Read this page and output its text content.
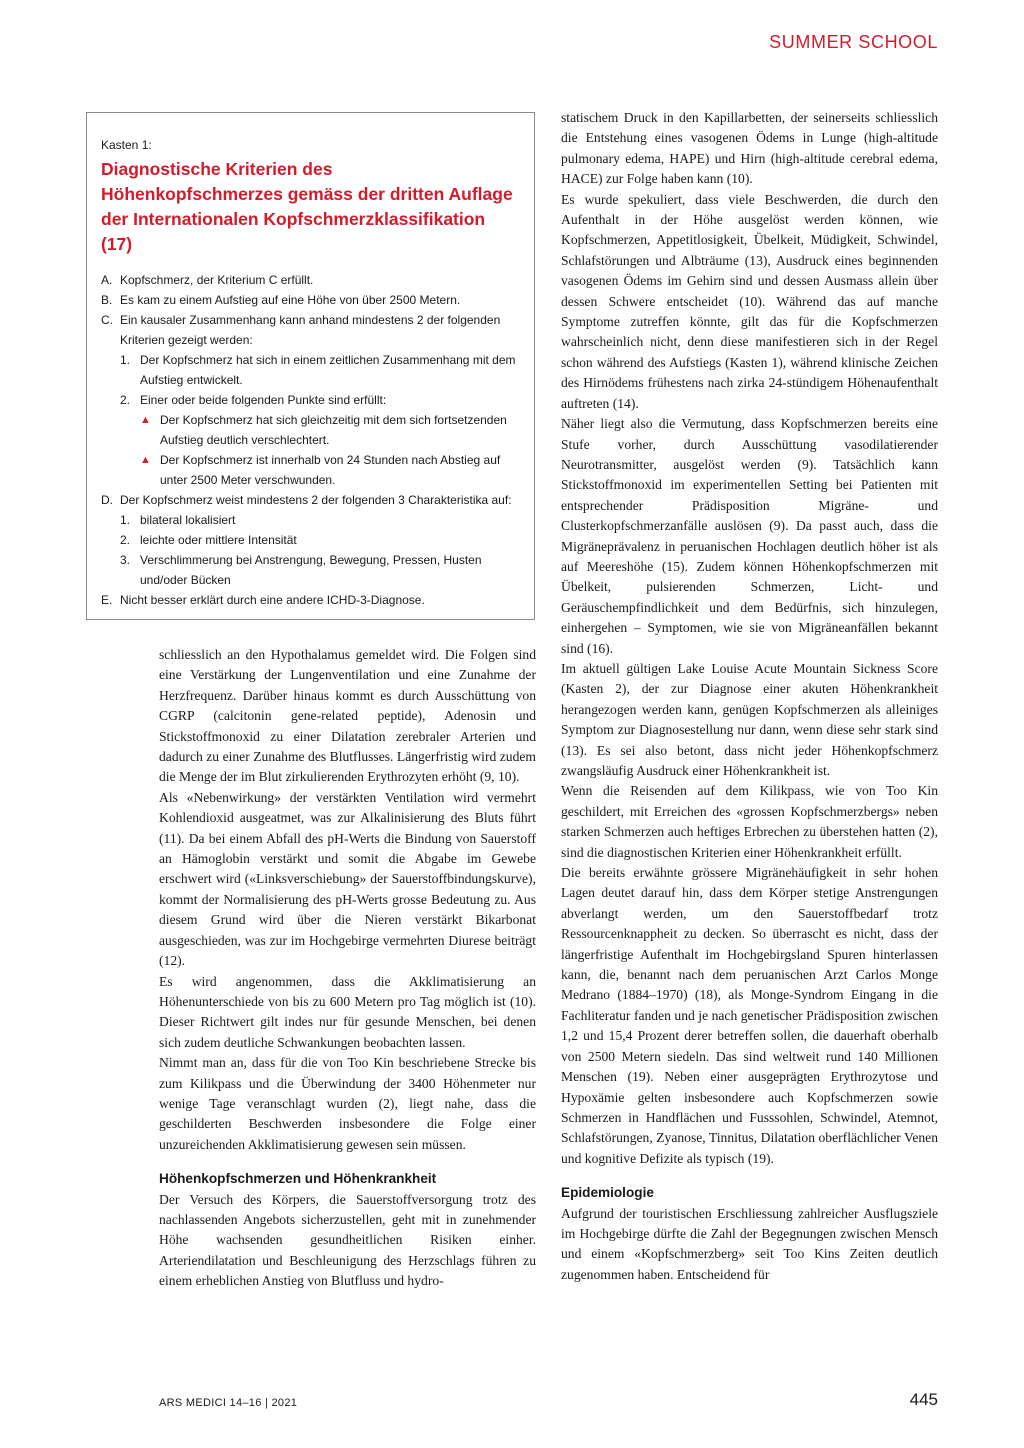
SUMMER SCHOOL
Kasten 1:
Diagnostische Kriterien des Höhenkopfschmerzes gemäss der dritten Auflage der Internationalen Kopfschmerzklassifikation (17)
A. Kopfschmerz, der Kriterium C erfüllt.
B. Es kam zu einem Aufstieg auf eine Höhe von über 2500 Metern.
C. Ein kausaler Zusammenhang kann anhand mindestens 2 der folgenden Kriterien gezeigt werden:
1. Der Kopfschmerz hat sich in einem zeitlichen Zusammenhang mit dem Aufstieg entwickelt.
2. Einer oder beide folgenden Punkte sind erfüllt:
▲ Der Kopfschmerz hat sich gleichzeitig mit dem sich fortsetzenden Aufstieg deutlich verschlechtert.
▲ Der Kopfschmerz ist innerhalb von 24 Stunden nach Abstieg auf unter 2500 Meter verschwunden.
D. Der Kopfschmerz weist mindestens 2 der folgenden 3 Charakteristika auf:
1. bilateral lokalisiert
2. leichte oder mittlere Intensität
3. Verschlimmerung bei Anstrengung, Bewegung, Pressen, Husten und/oder Bücken
E. Nicht besser erklärt durch eine andere ICHD-3-Diagnose.

schliesslich an den Hypothalamus gemeldet wird. Die Folgen sind eine Verstärkung der Lungenventilation und eine Zunahme der Herzfrequenz. Darüber hinaus kommt es durch Ausschüttung von CGRP (calcitonin gene-related peptide), Adenosin und Stickstoffmonoxid zu einer Dilatation zerebraler Arterien und dadurch zu einer Zunahme des Blutflusses. Längerfristig wird zudem die Menge der im Blut zirkulierenden Erythrozyten erhöht (9, 10).

Als «Nebenwirkung» der verstärkten Ventilation wird vermehrt Kohlendioxid ausgeatmet, was zur Alkalinisierung des Bluts führt (11). Da bei einem Abfall des pH-Werts die Bindung von Sauerstoff an Hämoglobin verstärkt und somit die Abgabe im Gewebe erschwert wird («Linksverschiebung» der Sauerstoffbindungskurve), kommt der Normalisierung des pH-Werts grosse Bedeutung zu. Aus diesem Grund wird über die Nieren verstärkt Bikarbonat ausgeschieden, was zur im Hochgebirge vermehrten Diurese beiträgt (12).

Es wird angenommen, dass die Akklimatisierung an Höhenunterschiede von bis zu 600 Metern pro Tag möglich ist (10). Dieser Richtwert gilt indes nur für gesunde Menschen, bei denen sich zudem deutliche Schwankungen beobachten lassen.

Nimmt man an, dass für die von Too Kin beschriebene Strecke bis zum Kilikpass und die Überwindung der 3400 Höhenmeter nur wenige Tage veranschlagt wurden (2), liegt nahe, dass die geschilderten Beschwerden insbesondere die Folge einer unzureichenden Akklimatisierung gewesen sein müssen.

Höhenkopfschmerzen und Höhenkrankheit

Der Versuch des Körpers, die Sauerstoffversorgung trotz des nachlassenden Angebots sicherzustellen, geht mit in zunehmender Höhe wachsenden gesundheitlichen Risiken einher. Arteriendilatation und Beschleunigung des Herzschlags führen zu einem erheblichen Anstieg von Blutfluss und hydro-

statischem Druck in den Kapillarbetten, der seinerseits schliesslich die Entstehung eines vasogenen Ödems in Lunge (high-altitude pulmonary edema, HAPE) und Hirn (high-altitude cerebral edema, HACE) zur Folge haben kann (10).

Es wurde spekuliert, dass viele Beschwerden, die durch den Aufenthalt in der Höhe ausgelöst werden können, wie Kopfschmerzen, Appetitlosigkeit, Übelkeit, Müdigkeit, Schwindel, Schlafstörungen und Albträume (13), Ausdruck eines beginnenden vasogenen Ödems im Gehirn sind und dessen Ausmass allein über dessen Schwere entscheidet (10). Während das auf manche Symptome zutreffen könnte, gilt das für die Kopfschmerzen wahrscheinlich nicht, denn diese manifestieren sich in der Regel schon während des Aufstiegs (Kasten 1), während klinische Zeichen des Hirnödems frühestens nach zirka 24-stündigem Höhenaufenthalt auftreten (14).

Näher liegt also die Vermutung, dass Kopfschmerzen bereits eine Stufe vorher, durch Ausschüttung vasodilatierender Neurotransmitter, ausgelöst werden (9). Tatsächlich kann Stickstoffmonoxid im experimentellen Setting bei Patienten mit entsprechender Prädisposition Migräne- und Clusterkopfschmerzanfälle auslösen (9). Da passt auch, dass die Migräneprävalenz in peruanischen Hochlagen deutlich höher ist als auf Meereshöhe (15). Zudem können Höhenkopfschmerzen mit Übelkeit, pulsierenden Schmerzen, Licht- und Geräuschempfindlichkeit und dem Bedürfnis, sich hinzulegen, einhergehen – Symptomen, wie sie von Migräneanfällen bekannt sind (16).

Im aktuell gültigen Lake Louise Acute Mountain Sickness Score (Kasten 2), der zur Diagnose einer akuten Höhenkrankheit herangezogen werden kann, genügen Kopfschmerzen als alleiniges Symptom zur Diagnosestellung nur dann, wenn diese sehr stark sind (13). Es sei also betont, dass nicht jeder Höhenkopfschmerz zwangsläufig Ausdruck einer Höhenkrankheit ist.

Wenn die Reisenden auf dem Kilikpass, wie von Too Kin geschildert, mit Erreichen des «grossen Kopfschmerzbergs» neben starken Schmerzen auch heftiges Erbrechen zu überstehen hatten (2), sind die diagnostischen Kriterien einer Höhenkrankheit erfüllt.

Die bereits erwähnte grössere Migränehäufigkeit in sehr hohen Lagen deutet darauf hin, dass dem Körper stetige Anstrengungen abverlangt werden, um den Sauerstoffbedarf trotz Ressourcenknappheit zu decken. So überrascht es nicht, dass der längerfristige Aufenthalt im Hochgebirgsland Spuren hinterlassen kann, die, benannt nach dem peruanischen Arzt Carlos Monge Medrano (1884–1970) (18), als Monge-Syndrom Eingang in die Fachliteratur fanden und je nach genetischer Prädisposition zwischen 1,2 und 15,4 Prozent derer betreffen sollen, die dauerhaft oberhalb von 2500 Metern siedeln. Das sind weltweit rund 140 Millionen Menschen (19). Neben einer ausgeprägten Erythrozytose und Hypoxämie gelten insbesondere auch Kopfschmerzen sowie Schmerzen in Handflächen und Fusssohlen, Schwindel, Atemnot, Schlafstörungen, Zyanose, Tinnitus, Dilatation oberflächlicher Venen und kognitive Defizite als typisch (19).

Epidemiologie

Aufgrund der touristischen Erschliessung zahlreicher Ausflugsziele im Hochgebirge dürfte die Zahl der Begegnungen zwischen Mensch und einem «Kopfschmerzberg» seit Too Kins Zeiten deutlich zugenommen haben. Entscheidend für

ARS MEDICI 14–16 | 2021	445
